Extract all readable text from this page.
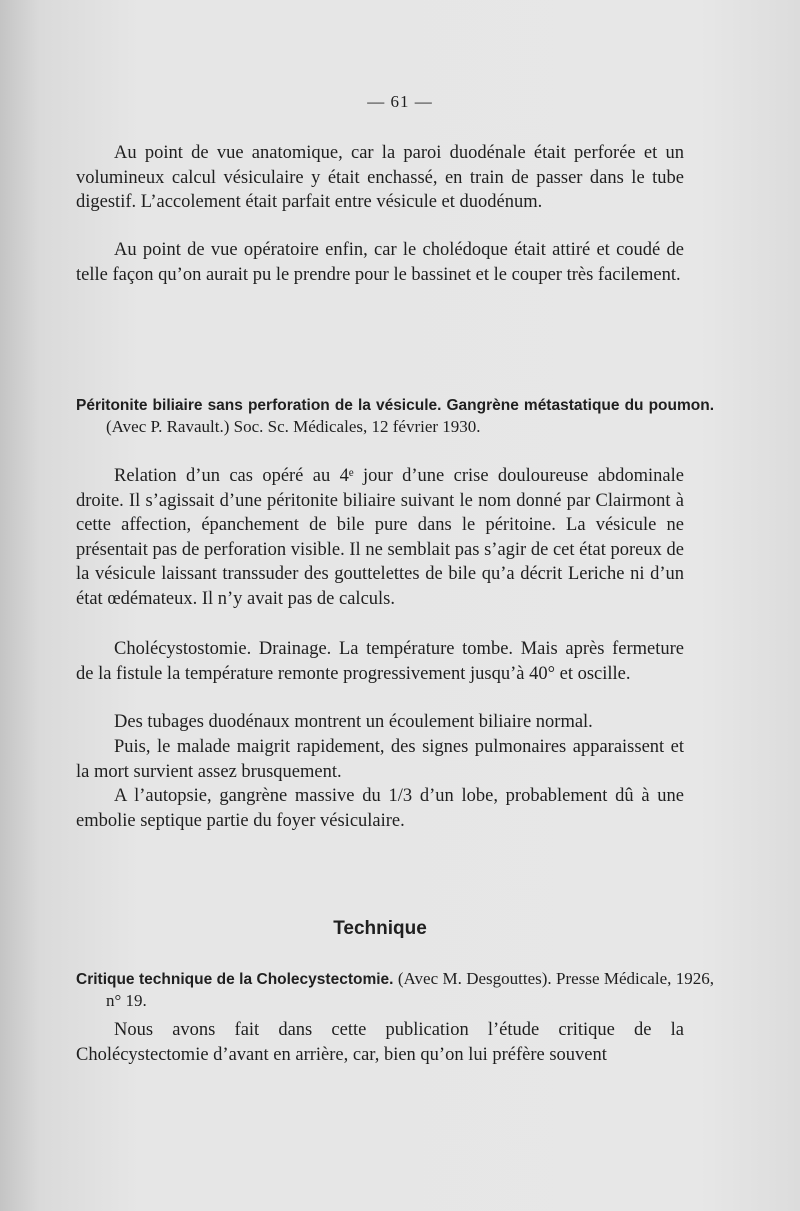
— 61 —

Au point de vue anatomique, car la paroi duodénale était perforée et un volumineux calcul vésiculaire y était enchassé, en train de passer dans le tube digestif. L’accolement était parfait entre vésicule et duodénum.

Au point de vue opératoire enfin, car le cholédoque était attiré et coudé de telle façon qu’on aurait pu le prendre pour le bassinet et le couper très facilement.

Péritonite biliaire sans perforation de la vésicule. Gangrène métastatique du poumon. (Avec P. Ravault.) Soc. Sc. Médicales, 12 février 1930.

Relation d’un cas opéré au 4ᵉ jour d’une crise douloureuse abdominale droite. Il s’agissait d’une péritonite biliaire suivant le nom donné par Clairmont à cette affection, épanchement de bile pure dans le péritoine. La vésicule ne présentait pas de perforation visible. Il ne semblait pas s’agir de cet état poreux de la vésicule laissant transsuder des gouttelettes de bile qu’a décrit Leriche ni d’un état œdémateux. Il n’y avait pas de calculs.

Cholécystostomie. Drainage. La température tombe. Mais après fermeture de la fistule la température remonte progressivement jusqu’à 40° et oscille.

Des tubages duodénaux montrent un écoulement biliaire normal.

Puis, le malade maigrit rapidement, des signes pulmonaires apparaissent et la mort survient assez brusquement.

A l’autopsie, gangrène massive du 1/3 d’un lobe, probablement dû à une embolie septique partie du foyer vésiculaire.

Technique

Critique technique de la Cholecystectomie. (Avec M. Desgouttes). Presse Médicale, 1926, n° 19.

Nous avons fait dans cette publication l’étude critique de la Cholécystectomie d’avant en arrière, car, bien qu’on lui préfère souvent
